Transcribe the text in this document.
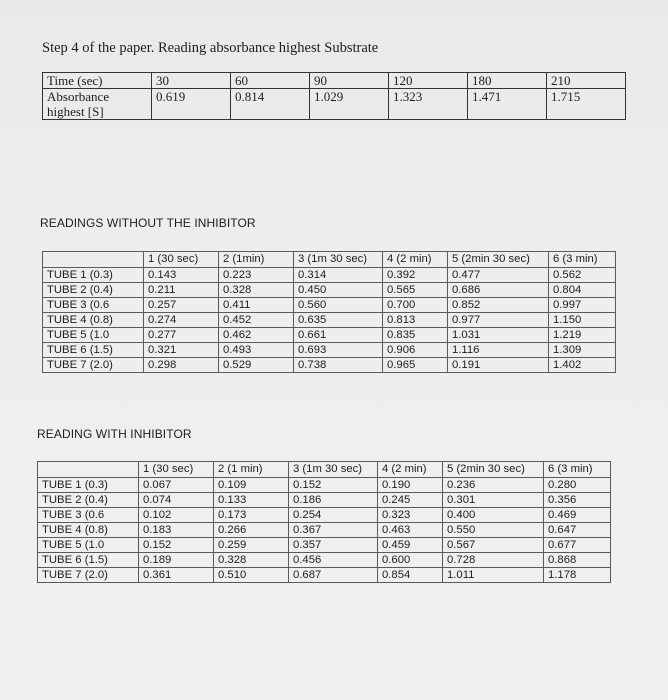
Step 4 of the paper. Reading absorbance highest Substrate
Time (sec)	30	60	90	120	180	210
Absorbance
highest [S]	0.619	0.814	1.029	1.323	1.471	1.715
READINGS WITHOUT THE INHIBITOR
	1 (30 sec)	2 (1min)	3 (1m 30 sec)	4 (2 min)	5 (2min 30 sec)	6 (3 min)
TUBE 1 (0.3)	0.143	0.223	0.314	0.392	0.477	0.562
TUBE 2 (0.4)	0.211	0.328	0.450	0.565	0.686	0.804
TUBE 3 (0.6	0.257	0.411	0.560	0.700	0.852	0.997
TUBE 4 (0.8)	0.274	0.452	0.635	0.813	0.977	1.150
TUBE 5 (1.0	0.277	0.462	0.661	0.835	1.031	1.219
TUBE 6 (1.5)	0.321	0.493	0.693	0.906	1.116	1.309
TUBE 7 (2.0)	0.298	0.529	0.738	0.965	0.191	1.402
READING WITH INHIBITOR
	1 (30 sec)	2 (1 min)	3 (1m 30 sec)	4 (2 min)	5 (2min 30 sec)	6 (3 min)
TUBE 1 (0.3)	0.067	0.109	0.152	0.190	0.236	0.280
TUBE 2 (0.4)	0.074	0.133	0.186	0.245	0.301	0.356
TUBE 3 (0.6	0.102	0.173	0.254	0.323	0.400	0.469
TUBE 4 (0.8)	0.183	0.266	0.367	0.463	0.550	0.647
TUBE 5 (1.0	0.152	0.259	0.357	0.459	0.567	0.677
TUBE 6 (1.5)	0.189	0.328	0.456	0.600	0.728	0.868
TUBE 7 (2.0)	0.361	0.510	0.687	0.854	1.011	1.178
